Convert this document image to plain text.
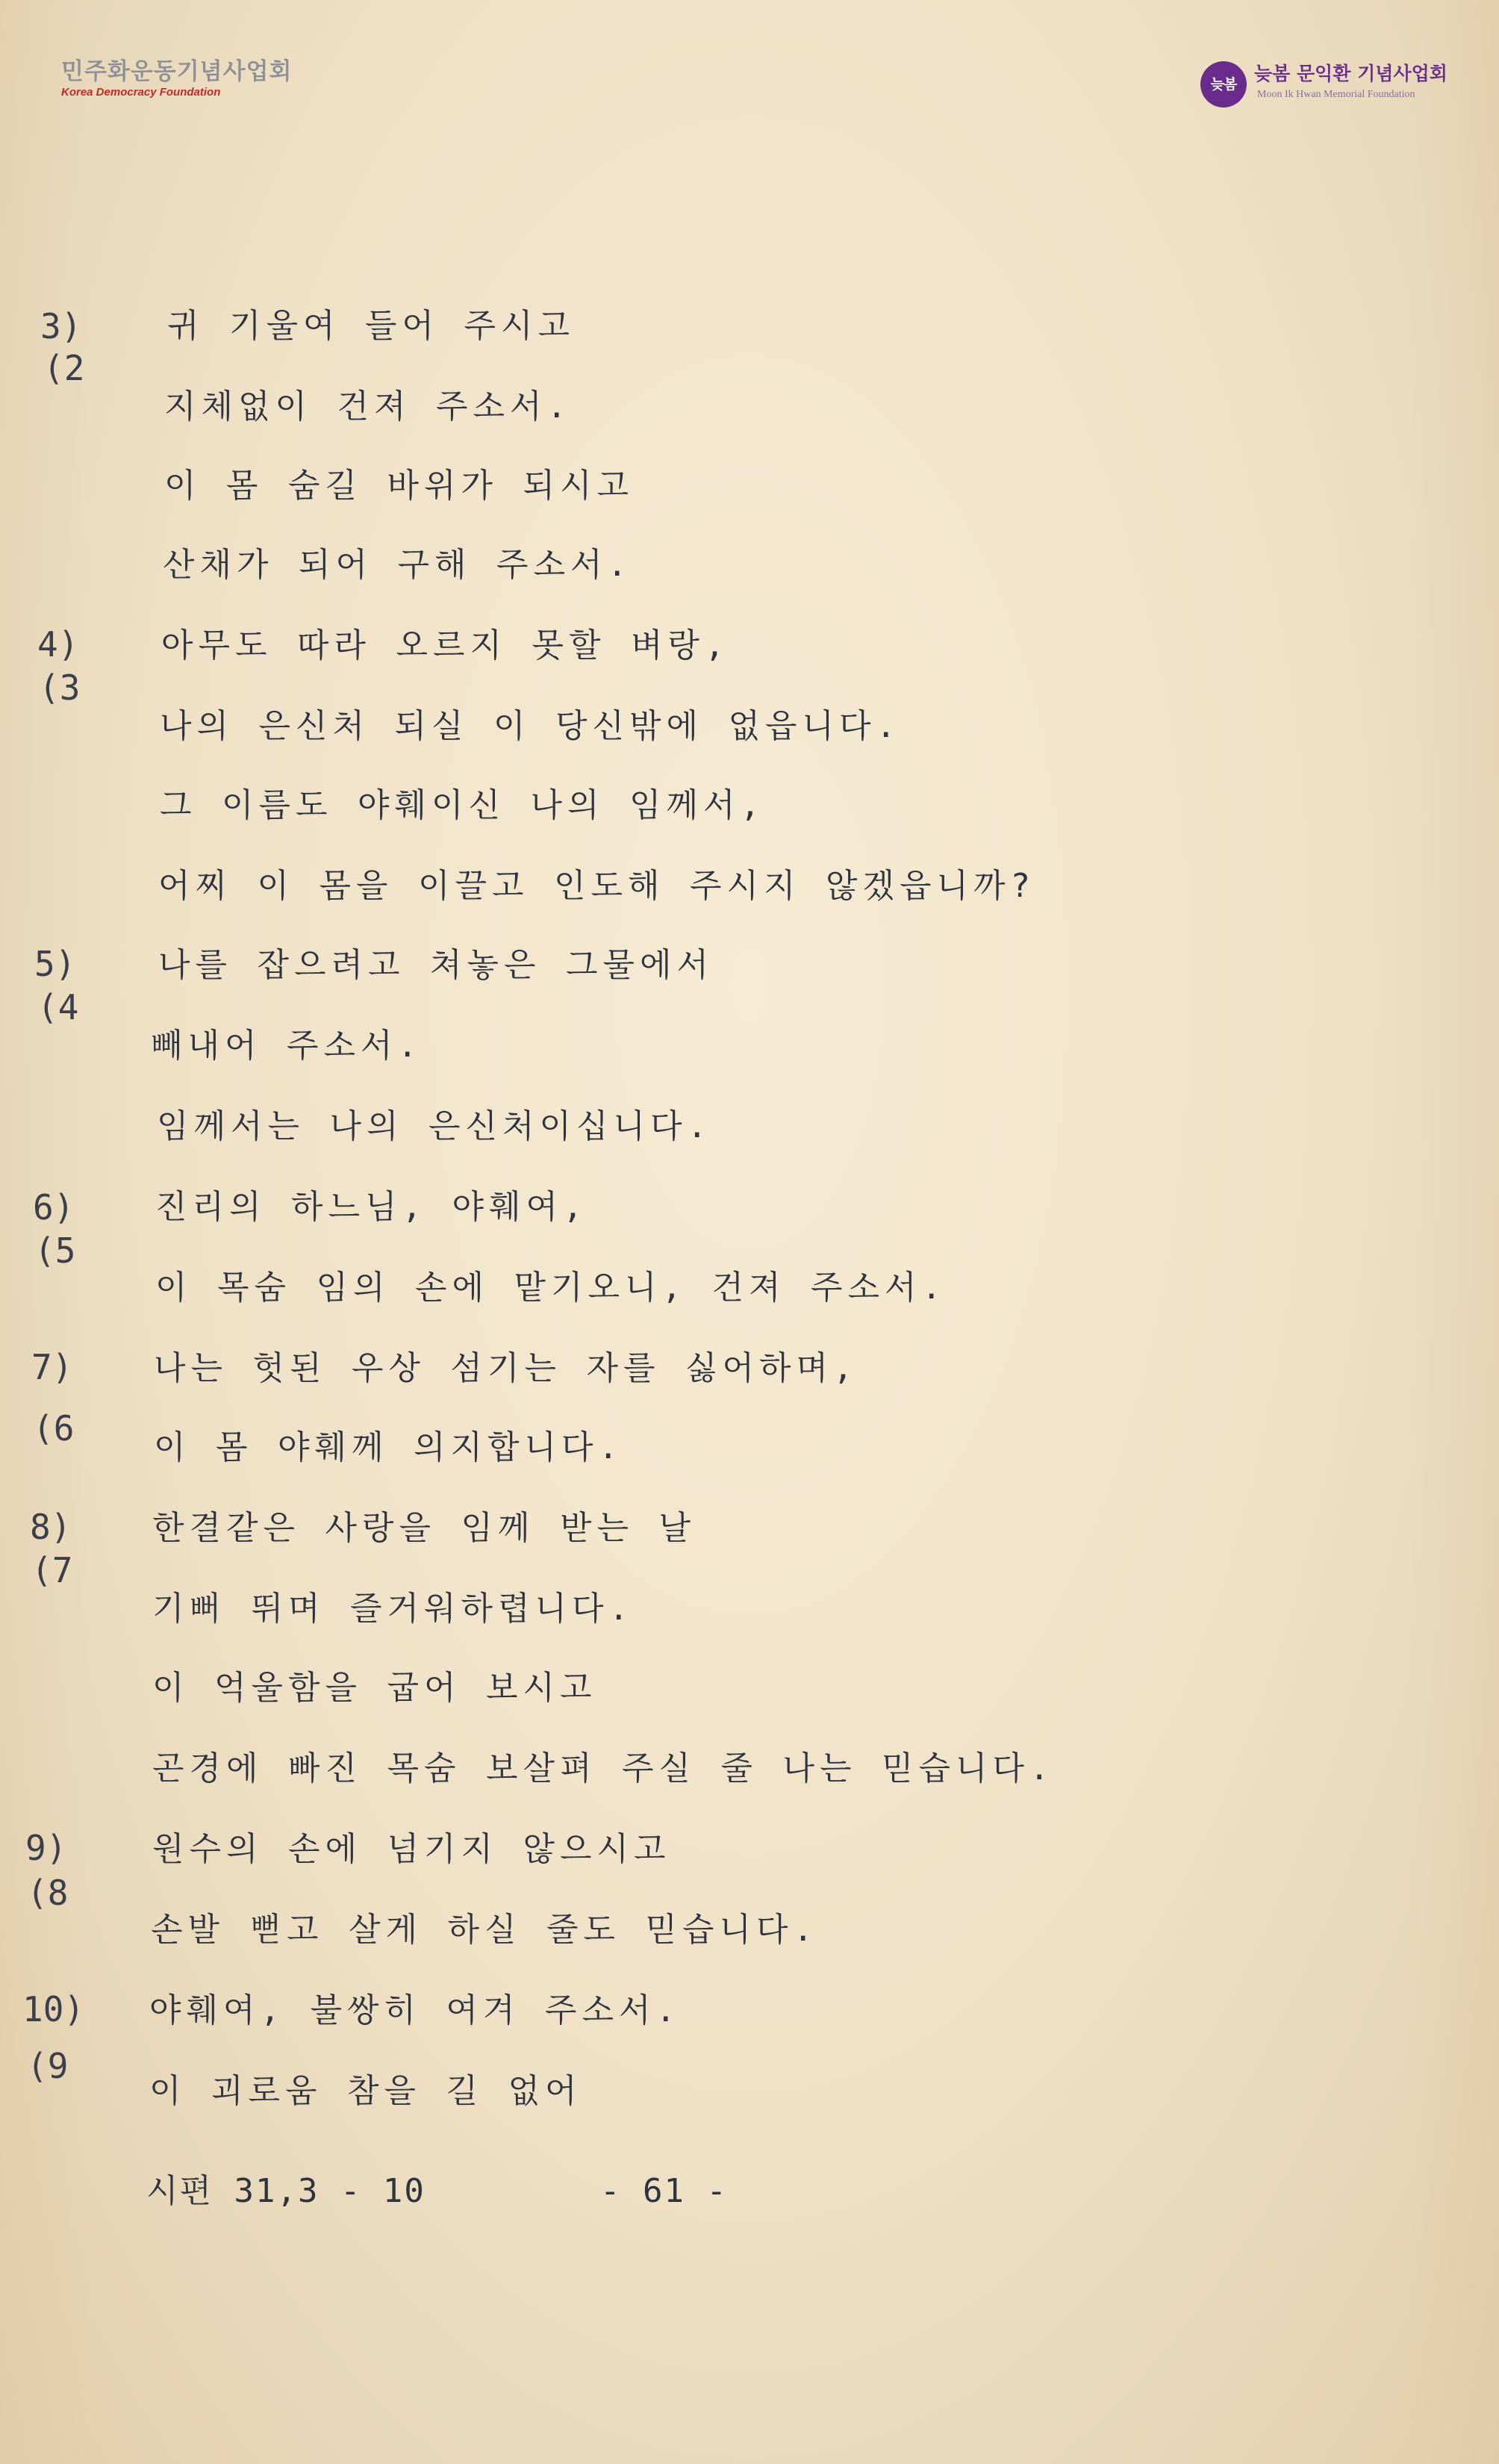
민주화운동기념사업회
Korea Democracy Foundation	늦봄 늦봄 문익환 기념사업회
Moon Ik Hwan Memorial Foundation
3)
(2
4)
(3
5)
(4
6)
(5
7)
(6
8)
(7
9)
(8
10)
(9
귀 기울여 들어 주시고
지체없이 건져 주소서.
이 몸 숨길 바위가 되시고
산채가 되어 구해 주소서.
아무도 따라 오르지 못할 벼랑,
나의 은신처 되실 이 당신밖에 없읍니다.
그 이름도 야훼이신 나의 임께서,
어찌 이 몸을 이끌고 인도해 주시지 않겠읍니까?
나를 잡으려고 쳐놓은 그물에서
빼내어 주소서.
임께서는 나의 은신처이십니다.
진리의 하느님, 야훼여,
이 목숨 임의 손에 맡기오니, 건져 주소서.
나는 헛된 우상 섬기는 자를 싫어하며,
이 몸 야훼께 의지합니다.
한결같은 사랑을 임께 받는 날
기뻐 뛰며 즐거워하렵니다.
이 억울함을 굽어 보시고
곤경에 빠진 목숨 보살펴 주실 줄 나는 믿습니다.
원수의 손에 넘기지 않으시고
손발 뻗고 살게 하실 줄도 믿습니다.
야훼여, 불쌍히 여겨 주소서.
이 괴로움 참을 길 없어
시편 31,3 - 10	- 61 -
